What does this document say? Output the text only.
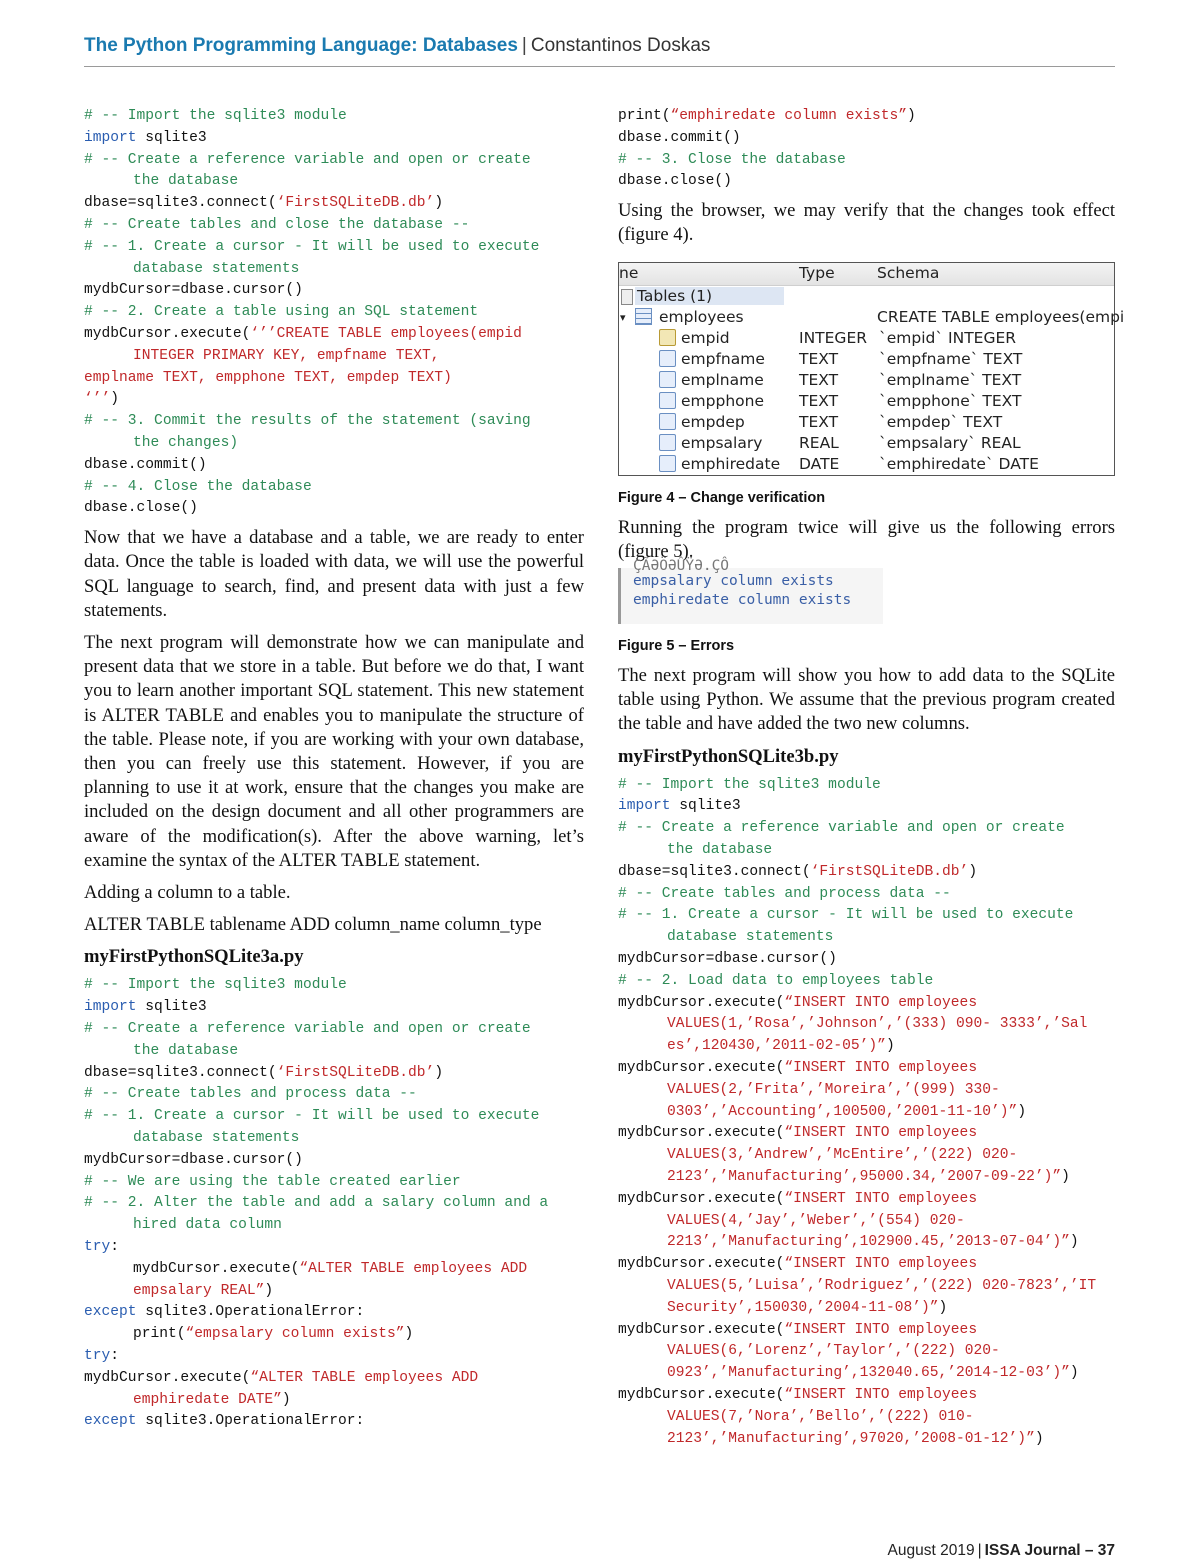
The Python Programming Language: Databases | Constantinos Doskas
# -- Import the sqlite3 module
import sqlite3
# -- Create a reference variable and open or create
the database
dbase=sqlite3.connect(‘FirstSQLiteDB.db’)
# -- Create tables and close the database --
# -- 1. Create a cursor - It will be used to execute
database statements
mydbCursor=dbase.cursor()
# -- 2. Create a table using an SQL statement
mydbCursor.execute(‘’’CREATE TABLE employees(empid
INTEGER PRIMARY KEY, empfname TEXT,
emplname TEXT, empphone TEXT, empdep TEXT)
‘’’)
# -- 3. Commit the results of the statement (saving
the changes)
dbase.commit()
# -- 4. Close the database
dbase.close()

Now that we have a database and a table, we are ready to enter data. Once the table is loaded with data, we will use the powerful SQL language to search, find, and present data with just a few statements.

The next program will demonstrate how we can manipulate and present data that we store in a table. But before we do that, I want you to learn another important SQL statement. This new statement is ALTER TABLE and enables you to manipulate the structure of the table. Please note, if you are working with your own database, then you can freely use this statement. However, if you are planning to use it at work, ensure that the changes you make are included on the design document and all other programmers are aware of the modification(s). After the above warning, let’s examine the syntax of the ALTER TABLE statement.

Adding a column to a table.

ALTER TABLE tablename ADD column_name column_type

myFirstPythonSQLite3a.py
# -- Import the sqlite3 module
import sqlite3
# -- Create a reference variable and open or create
the database
dbase=sqlite3.connect(‘FirstSQLiteDB.db’)
# -- Create tables and process data --
# -- 1. Create a cursor - It will be used to execute
database statements
mydbCursor=dbase.cursor()
# -- We are using the table created earlier
# -- 2. Alter the table and add a salary column and a
hired data column
try:
mydbCursor.execute(“ALTER TABLE employees ADD
empsalary REAL”)
except sqlite3.OperationalError:
print(“empsalary column exists”)
try:
mydbCursor.execute(“ALTER TABLE employees ADD
emphiredate DATE”)
except sqlite3.OperationalError:
print(“emphiredate column exists”)
dbase.commit()
# -- 3. Close the database
dbase.close()

Using the browser, we may verify that the changes took effect (figure 4).

ne	Type	Schema
Tables (1)
▾ employees	CREATE TABLE employees(empi
empid	INTEGER `empid` INTEGER
empfname TEXT	`empfname` TEXT
emplname TEXT	`emplname` TEXT
empphone TEXT	`empphone` TEXT
empdep	TEXT	`empdep` TEXT
empsalary REAL	`empsalary` REAL
emphiredate DATE	`emphiredate` DATE
Figure 4 – Change verification

Running the program twice will give us the following errors (figure 5).

ÇÃƏÖƏÛŸƏ.ÇÔ
empsalary column exists
emphiredate column exists
Figure 5 – Errors

The next program will show you how to add data to the SQLite table using Python. We assume that the previous program created the table and have added the two new columns.

myFirstPythonSQLite3b.py
# -- Import the sqlite3 module
import sqlite3
# -- Create a reference variable and open or create
the database
dbase=sqlite3.connect(‘FirstSQLiteDB.db’)
# -- Create tables and process data --
# -- 1. Create a cursor - It will be used to execute
database statements
mydbCursor=dbase.cursor()
# -- 2. Load data to employees table
mydbCursor.execute(“INSERT INTO employees
VALUES(1,’Rosa’,’Johnson’,’(333) 090- 3333’,’Sal
es’,120430,’2011-02-05’)”)
mydbCursor.execute(“INSERT INTO employees
VALUES(2,’Frita’,’Moreira’,’(999) 330-
0303’,’Accounting’,100500,’2001-11-10’)”)
mydbCursor.execute(“INSERT INTO employees
VALUES(3,’Andrew’,’McEntire’,’(222) 020-
2123’,’Manufacturing’,95000.34,’2007-09-22’)”)
mydbCursor.execute(“INSERT INTO employees
VALUES(4,’Jay’,’Weber’,’(554) 020-
2213’,’Manufacturing’,102900.45,’2013-07-04’)”)
mydbCursor.execute(“INSERT INTO employees
VALUES(5,’Luisa’,’Rodriguez’,’(222) 020-7823’,’IT
Security’,150030,’2004-11-08’)”)
mydbCursor.execute(“INSERT INTO employees
VALUES(6,’Lorenz’,’Taylor’,’(222) 020-
0923’,’Manufacturing’,132040.65,’2014-12-03’)”)
mydbCursor.execute(“INSERT INTO employees
VALUES(7,’Nora’,’Bello’,’(222) 010-
2123’,’Manufacturing’,97020,’2008-01-12’)”)
August 2019 | ISSA Journal – 37
